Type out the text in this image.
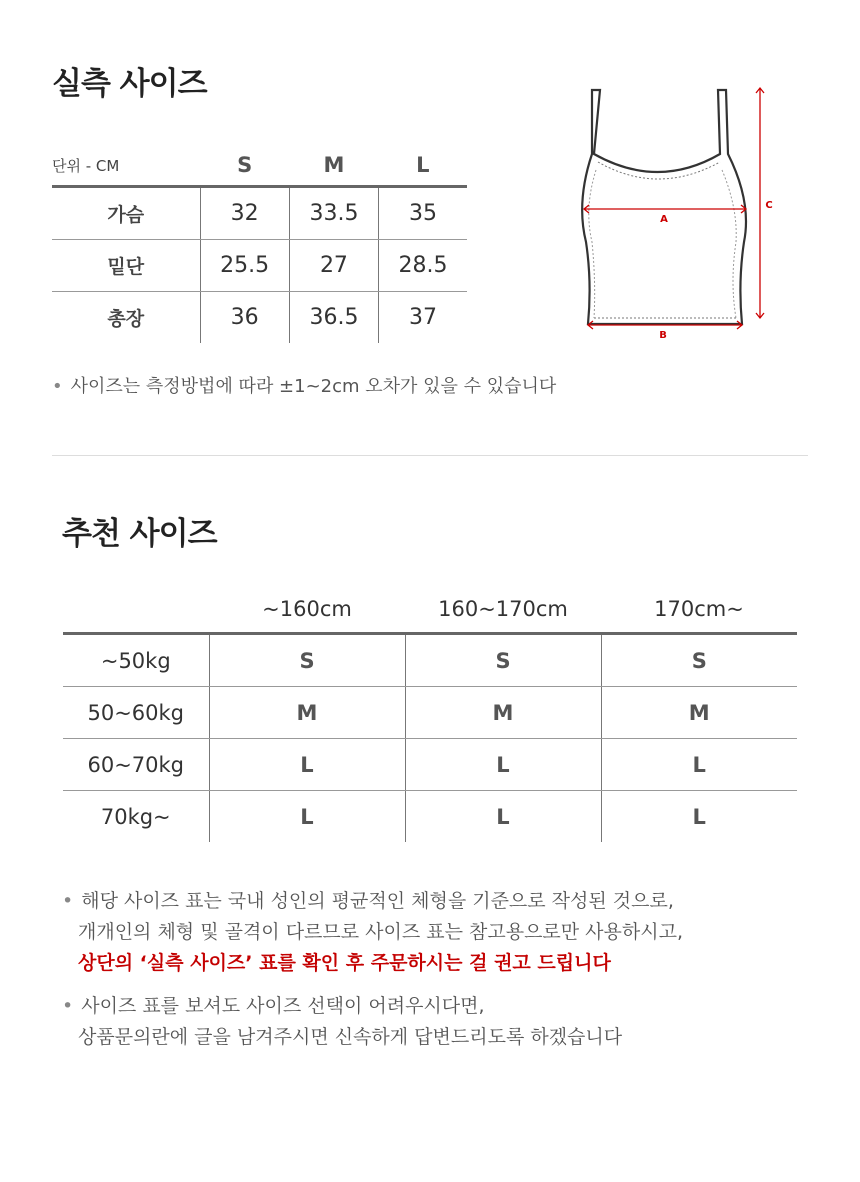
실측 사이즈
단위 - CM	S	M	L
가슴	32	33.5	35
밑단	25.5	27	28.5
총장	36	36.5	37
A
B
C
• 사이즈는 측정방법에 따라 ±1~2cm 오차가 있을 수 있습니다
추천 사이즈
	~160cm	160~170cm	170cm~
~50kg	S	S	S
50~60kg	M	M	M
60~70kg	L	L	L
70kg~	L	L	L
• 해당 사이즈 표는 국내 성인의 평균적인 체형을 기준으로 작성된 것으로,
개개인의 체형 및 골격이 다르므로 사이즈 표는 참고용으로만 사용하시고,
상단의 ‘실측 사이즈’ 표를 확인 후 주문하시는 걸 권고 드립니다
• 사이즈 표를 보셔도 사이즈 선택이 어려우시다면,
상품문의란에 글을 남겨주시면 신속하게 답변드리도록 하겠습니다
